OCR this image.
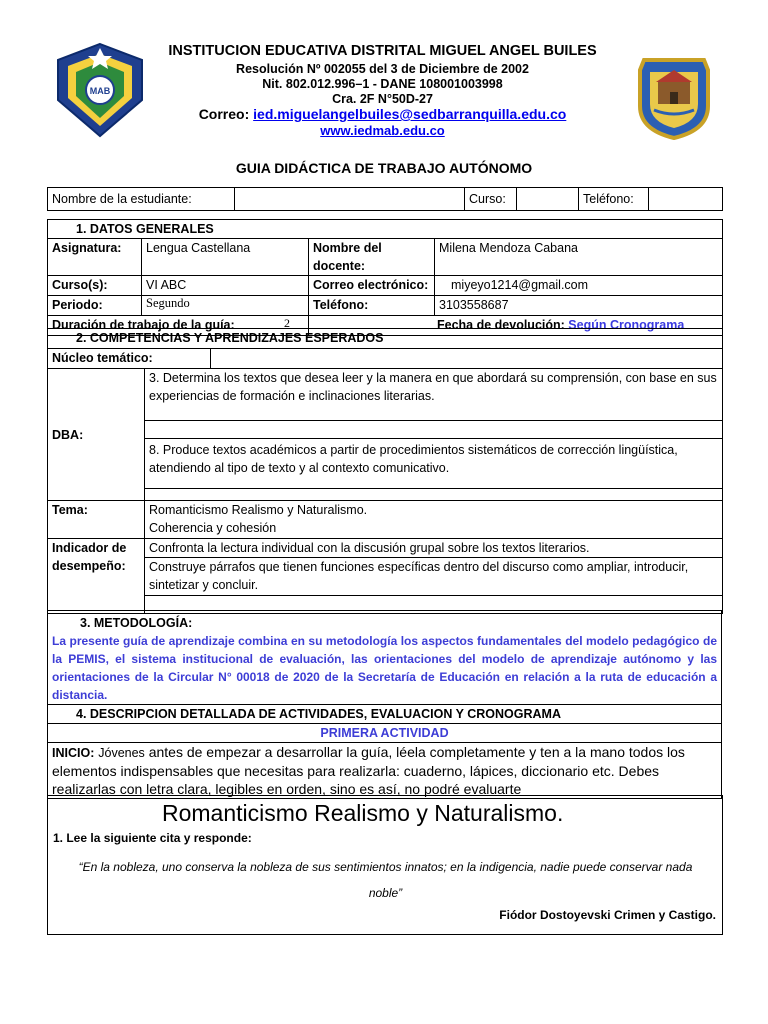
MAB
INSTITUCION EDUCATIVA DISTRITAL MIGUEL ANGEL BUILES
Resolución Nº 002055 del 3 de Diciembre de 2002
Nit. 802.012.996–1 - DANE 108001003998
Cra. 2F N°50D-27
Correo: ied.miguelangelbuiles@sedbarranquilla.edu.co
www.iedmab.edu.co
GUIA DIDÁCTICA DE TRABAJO AUTÓNOMO
Nombre de la estudiante:		Curso:		Teléfono:	
1. DATOS GENERALES			
Asignatura:	Lengua Castellana	Nombre del docente:	Milena Mendoza Cabana
Curso(s):	VI ABC	Correo electrónico:	miyeyo1214@gmail.com
Periodo:	Segundo	Teléfono:	3103558687
Duración de trabajo de la guía: 2		Fecha de devolución: Según Cronograma	
2. COMPETENCIAS Y APRENDIZAJES ESPERADOS		
Núcleo temático:		
DBA:	3. Determina los textos que desea leer y la manera en que abordará su comprensión, con base en sus experiencias de formación e inclinaciones literarias.	

	8. Produce textos académicos a partir de procedimientos sistemáticos de corrección lingüística, atendiendo al tipo de texto y al contexto comunicativo.	

Tema:	Romanticismo Realismo y Naturalismo.
Coherencia y cohesión	

Indicador de desempeño:	Confronta la lectura individual con la discusión grupal sobre los textos literarios.	
	Construye párrafos que tienen funciones específicas dentro del discurso como ampliar, introducir, sintetizar y concluir.	

3. METODOLOGÍA:
La presente guía de aprendizaje combina en su metodología los aspectos fundamentales del modelo pedagógico de la PEMIS, el sistema institucional de evaluación, las orientaciones del modelo de aprendizaje autónomo y las orientaciones de la Circular N° 00018 de 2020 de la Secretaría de Educación en relación a la ruta de educación a distancia.

4. DESCRIPCION DETALLADA DE ACTIVIDADES, EVALUACION Y CRONOGRAMA
PRIMERA ACTIVIDAD
INICIO: Jóvenes antes de empezar a desarrollar la guía, léela completamente y ten a la mano todos los elementos indispensables que necesitas para realizarla: cuaderno, lápices, diccionario etc. Debes realizarlas con letra clara, legibles en orden, sino es así, no podré evaluarte
Romanticismo Realismo y Naturalismo.
1. Lee la siguiente cita y responde:
“En la nobleza, uno conserva la nobleza de sus sentimientos innatos; en la indigencia, nadie puede conservar nada noble”
Fiódor Dostoyevski Crimen y Castigo.
